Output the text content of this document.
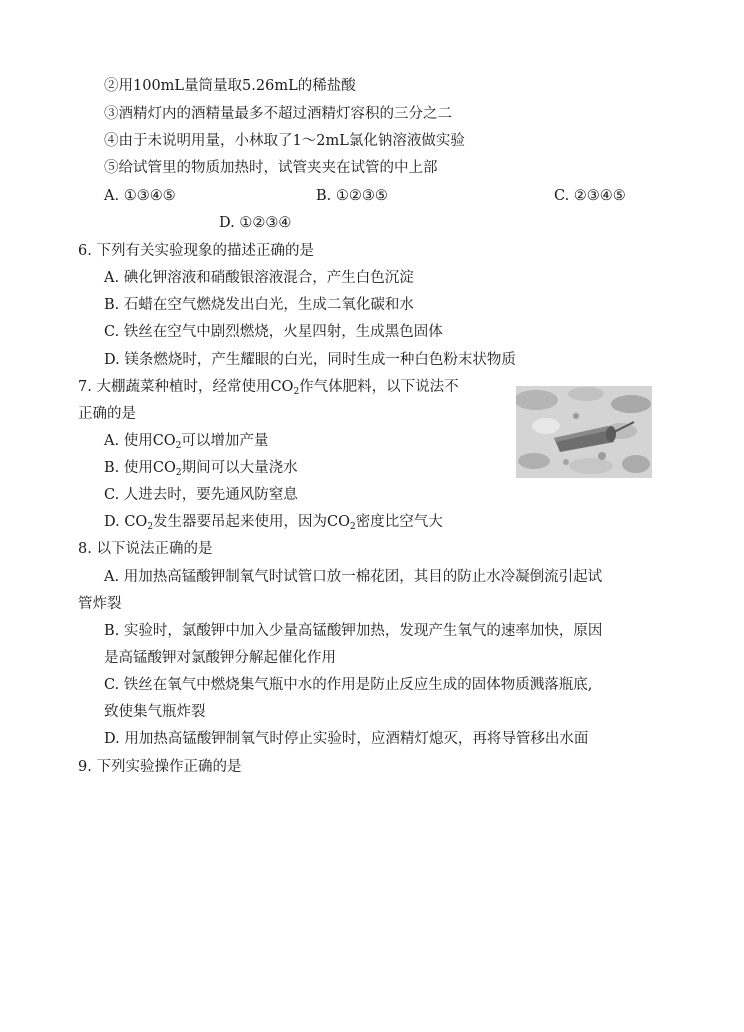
②用100mL量筒量取5.26mL的稀盐酸
③酒精灯内的酒精量最多不超过酒精灯容积的三分之二
④由于未说明用量，小林取了1～2mL氯化钠溶液做实验
⑤给试管里的物质加热时，试管夹夹在试管的中上部
A. ①③④⑤	B. ①②③⑤	C. ②③④⑤
D. ①②③④
6. 下列有关实验现象的描述正确的是
A. 碘化钾溶液和硝酸银溶液混合，产生白色沉淀
B. 石蜡在空气燃烧发出白光，生成二氧化碳和水
C. 铁丝在空气中剧烈燃烧，火星四射，生成黑色固体
D. 镁条燃烧时，产生耀眼的白光，同时生成一种白色粉末状物质
7. 大棚蔬菜种植时，经常使用$CO_2$作气体肥料，以下说法不
正确的是
A. 使用$CO_2$可以增加产量
B. 使用$CO_2$期间可以大量浇水
C. 人进去时，要先通风防窒息
D. $CO_2$发生器要吊起来使用，因为$CO_2$密度比空气大
8. 以下说法正确的是
A. 用加热高锰酸钾制氧气时试管口放一棉花团，其目的防止水冷凝倒流引起试
管炸裂
B. 实验时，氯酸钾中加入少量高锰酸钾加热，发现产生氧气的速率加快，原因
是高锰酸钾对氯酸钾分解起催化作用
C. 铁丝在氧气中燃烧集气瓶中水的作用是防止反应生成的固体物质溅落瓶底,
致使集气瓶炸裂
D. 用加热高锰酸钾制氧气时停止实验时，应酒精灯熄灭，再将导管移出水面
9. 下列实验操作正确的是
